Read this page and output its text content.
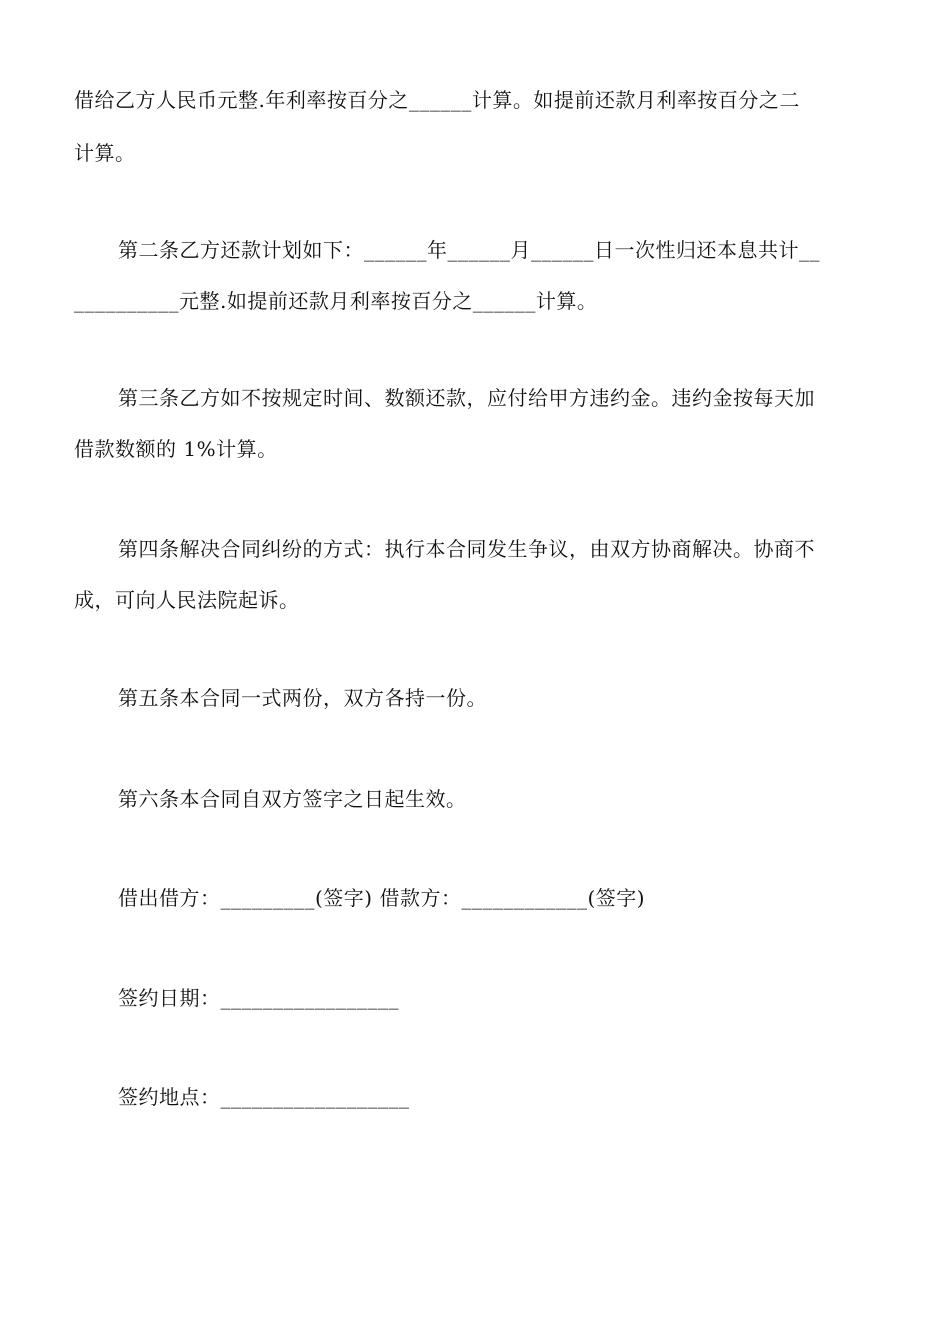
借给乙方人民币元整.年利率按百分之______计算。如提前还款月利率按百分之二
计算。
第二条乙方还款计划如下：______年______月______日一次性归还本息共计__
__________元整.如提前还款月利率按百分之______计算。
第三条乙方如不按规定时间、数额还款，应付给甲方违约金。违约金按每天加
借款数额的 1%计算。
第四条解决合同纠纷的方式：执行本合同发生争议，由双方协商解决。协商不
成，可向人民法院起诉。
第五条本合同一式两份，双方各持一份。
第六条本合同自双方签字之日起生效。
借出借方：_________(签字) 借款方：____________(签字)
签约日期：_________________
签约地点：__________________
